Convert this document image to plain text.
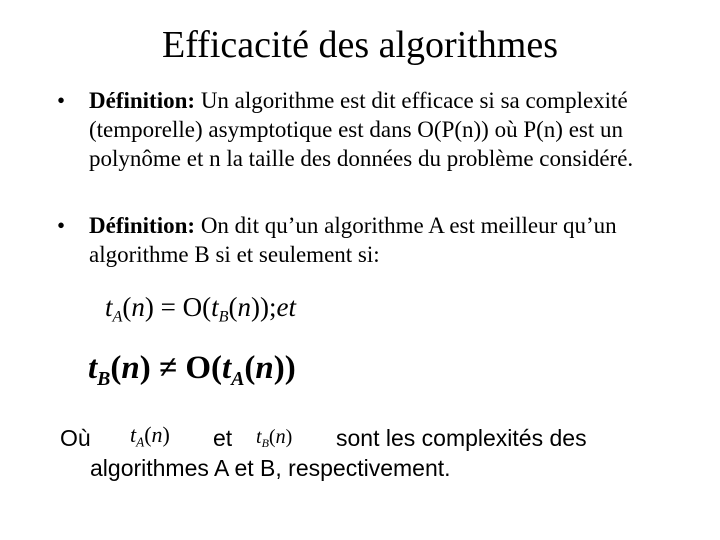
Efficacité des algorithmes
•	Définition: Un algorithme est dit efficace si sa complexité (temporelle) asymptotique est dans O(P(n)) où P(n) est un polynôme et n la taille des données du problème considéré.
•	Définition: On dit qu’un algorithme A est meilleur qu’un algorithme B si et seulement si:
$t_A(n)$ = $O(t_B(n));et$
$t_B(n) \ne O(t_A(n))$
Où $t_A(n)$ et $t_B(n)$ sont les complexités des
algorithmes A et B, respectivement.
